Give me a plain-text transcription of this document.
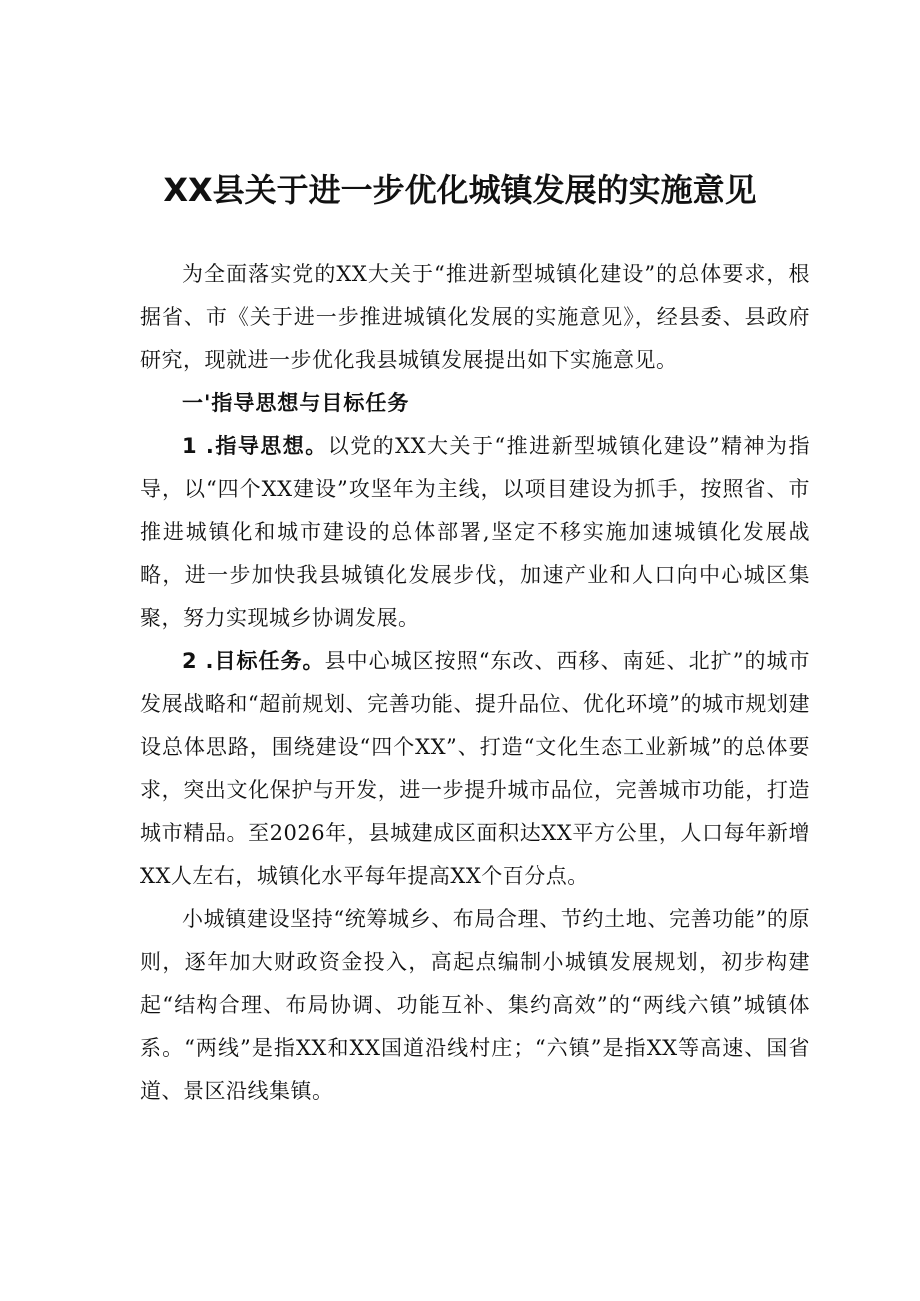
XX县关于进一步优化城镇发展的实施意见

为全面落实党的XX大关于“推进新型城镇化建设”的总体要求，根据省、市《关于进一步推进城镇化发展的实施意见》，经县委、县政府研究，现就进一步优化我县城镇发展提出如下实施意见。

一'指导思想与目标任务

1 .指导思想。以党的XX大关于“推进新型城镇化建设”精神为指导，以“四个XX建设”攻坚年为主线，以项目建设为抓手，按照省、市推进城镇化和城市建设的总体部署,坚定不移实施加速城镇化发展战略，进一步加快我县城镇化发展步伐，加速产业和人口向中心城区集聚，努力实现城乡协调发展。

2 .目标任务。县中心城区按照“东改、西移、南延、北扩”的城市发展战略和“超前规划、完善功能、提升品位、优化环境”的城市规划建设总体思路，围绕建设“四个XX”、打造“文化生态工业新城”的总体要求，突出文化保护与开发，进一步提升城市品位，完善城市功能，打造城市精品。至2026年，县城建成区面积达XX平方公里，人口每年新增XX人左右，城镇化水平每年提高XX个百分点。

小城镇建设坚持“统筹城乡、布局合理、节约土地、完善功能”的原则，逐年加大财政资金投入，高起点编制小城镇发展规划，初步构建起“结构合理、布局协调、功能互补、集约高效”的“两线六镇”城镇体系。“两线”是指XX和XX国道沿线村庄；“六镇”是指XX等高速、国省道、景区沿线集镇。
